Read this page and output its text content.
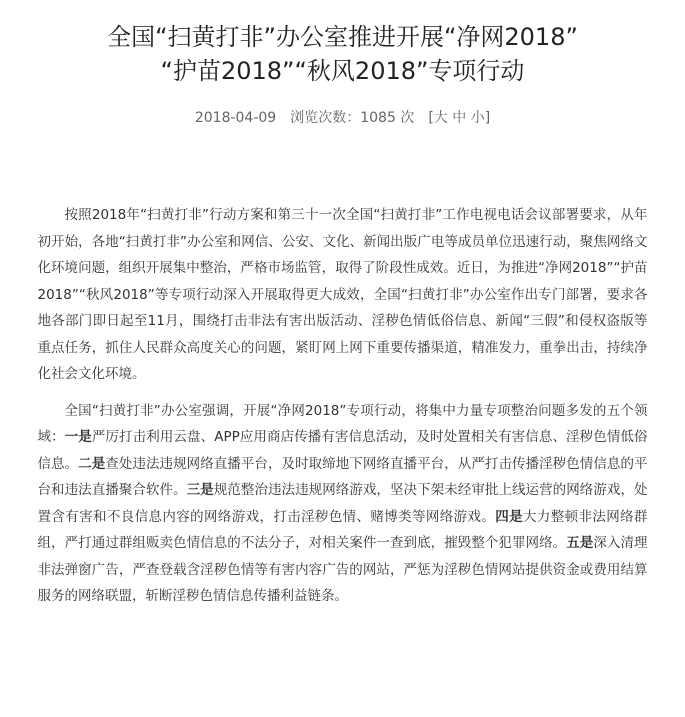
全国“扫黄打非”办公室推进开展“净网2018”
“护苗2018”“秋风2018”专项行动
2018-04-09 浏览次数：1085 次 [大 中 小]

按照2018年“扫黄打非”行动方案和第三十一次全国“扫黄打非”工作电视电话会议部署要求，从年初开始，各地“扫黄打非”办公室和网信、公安、文化、新闻出版广电等成员单位迅速行动，聚焦网络文化环境问题，组织开展集中整治，严格市场监管，取得了阶段性成效。近日，为推进“净网2018”“护苗2018”“秋风2018”等专项行动深入开展取得更大成效，全国“扫黄打非”办公室作出专门部署，要求各地各部门即日起至11月，围绕打击非法有害出版活动、淫秽色情低俗信息、新闻“三假”和侵权盗版等重点任务，抓住人民群众高度关心的问题，紧盯网上网下重要传播渠道，精准发力，重拳出击，持续净化社会文化环境。

全国“扫黄打非”办公室强调，开展“净网2018”专项行动，将集中力量专项整治问题多发的五个领域：一是严厉打击利用云盘、APP应用商店传播有害信息活动，及时处置相关有害信息、淫秽色情低俗信息。二是查处违法违规网络直播平台，及时取缔地下网络直播平台，从严打击传播淫秽色情信息的平台和违法直播聚合软件。三是规范整治违法违规网络游戏，坚决下架未经审批上线运营的网络游戏，处置含有害和不良信息内容的网络游戏，打击淫秽色情、赌博类等网络游戏。四是大力整顿非法网络群组，严打通过群组贩卖色情信息的不法分子，对相关案件一查到底，摧毁整个犯罪网络。五是深入清理非法弹窗广告，严查登载含淫秽色情等有害内容广告的网站，严惩为淫秽色情网站提供资金或费用结算服务的网络联盟，斩断淫秽色情信息传播利益链条。
